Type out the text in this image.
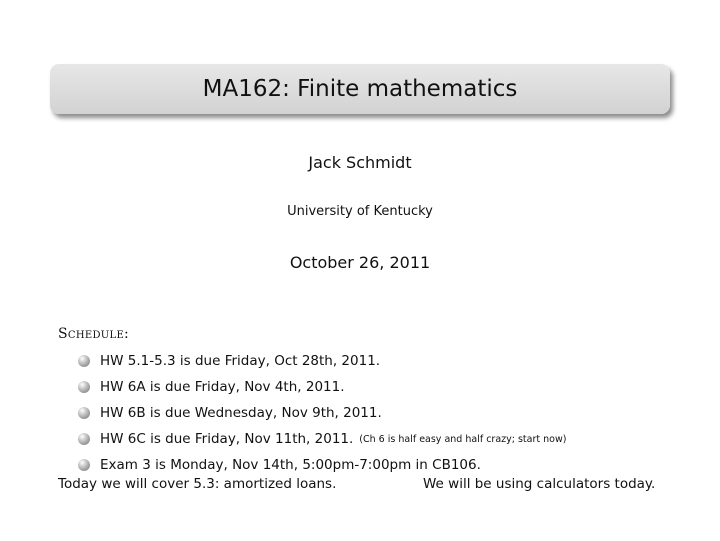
MA162: Finite mathematics
Jack Schmidt
University of Kentucky
October 26, 2011
Schedule:
HW 5.1-5.3 is due Friday, Oct 28th, 2011.
HW 6A is due Friday, Nov 4th, 2011.
HW 6B is due Wednesday, Nov 9th, 2011.
HW 6C is due Friday, Nov 11th, 2011. (Ch 6 is half easy and half crazy; start now)
Exam 3 is Monday, Nov 14th, 5:00pm-7:00pm in CB106.
Today we will cover 5.3: amortized loans.	We will be using calculators today.
